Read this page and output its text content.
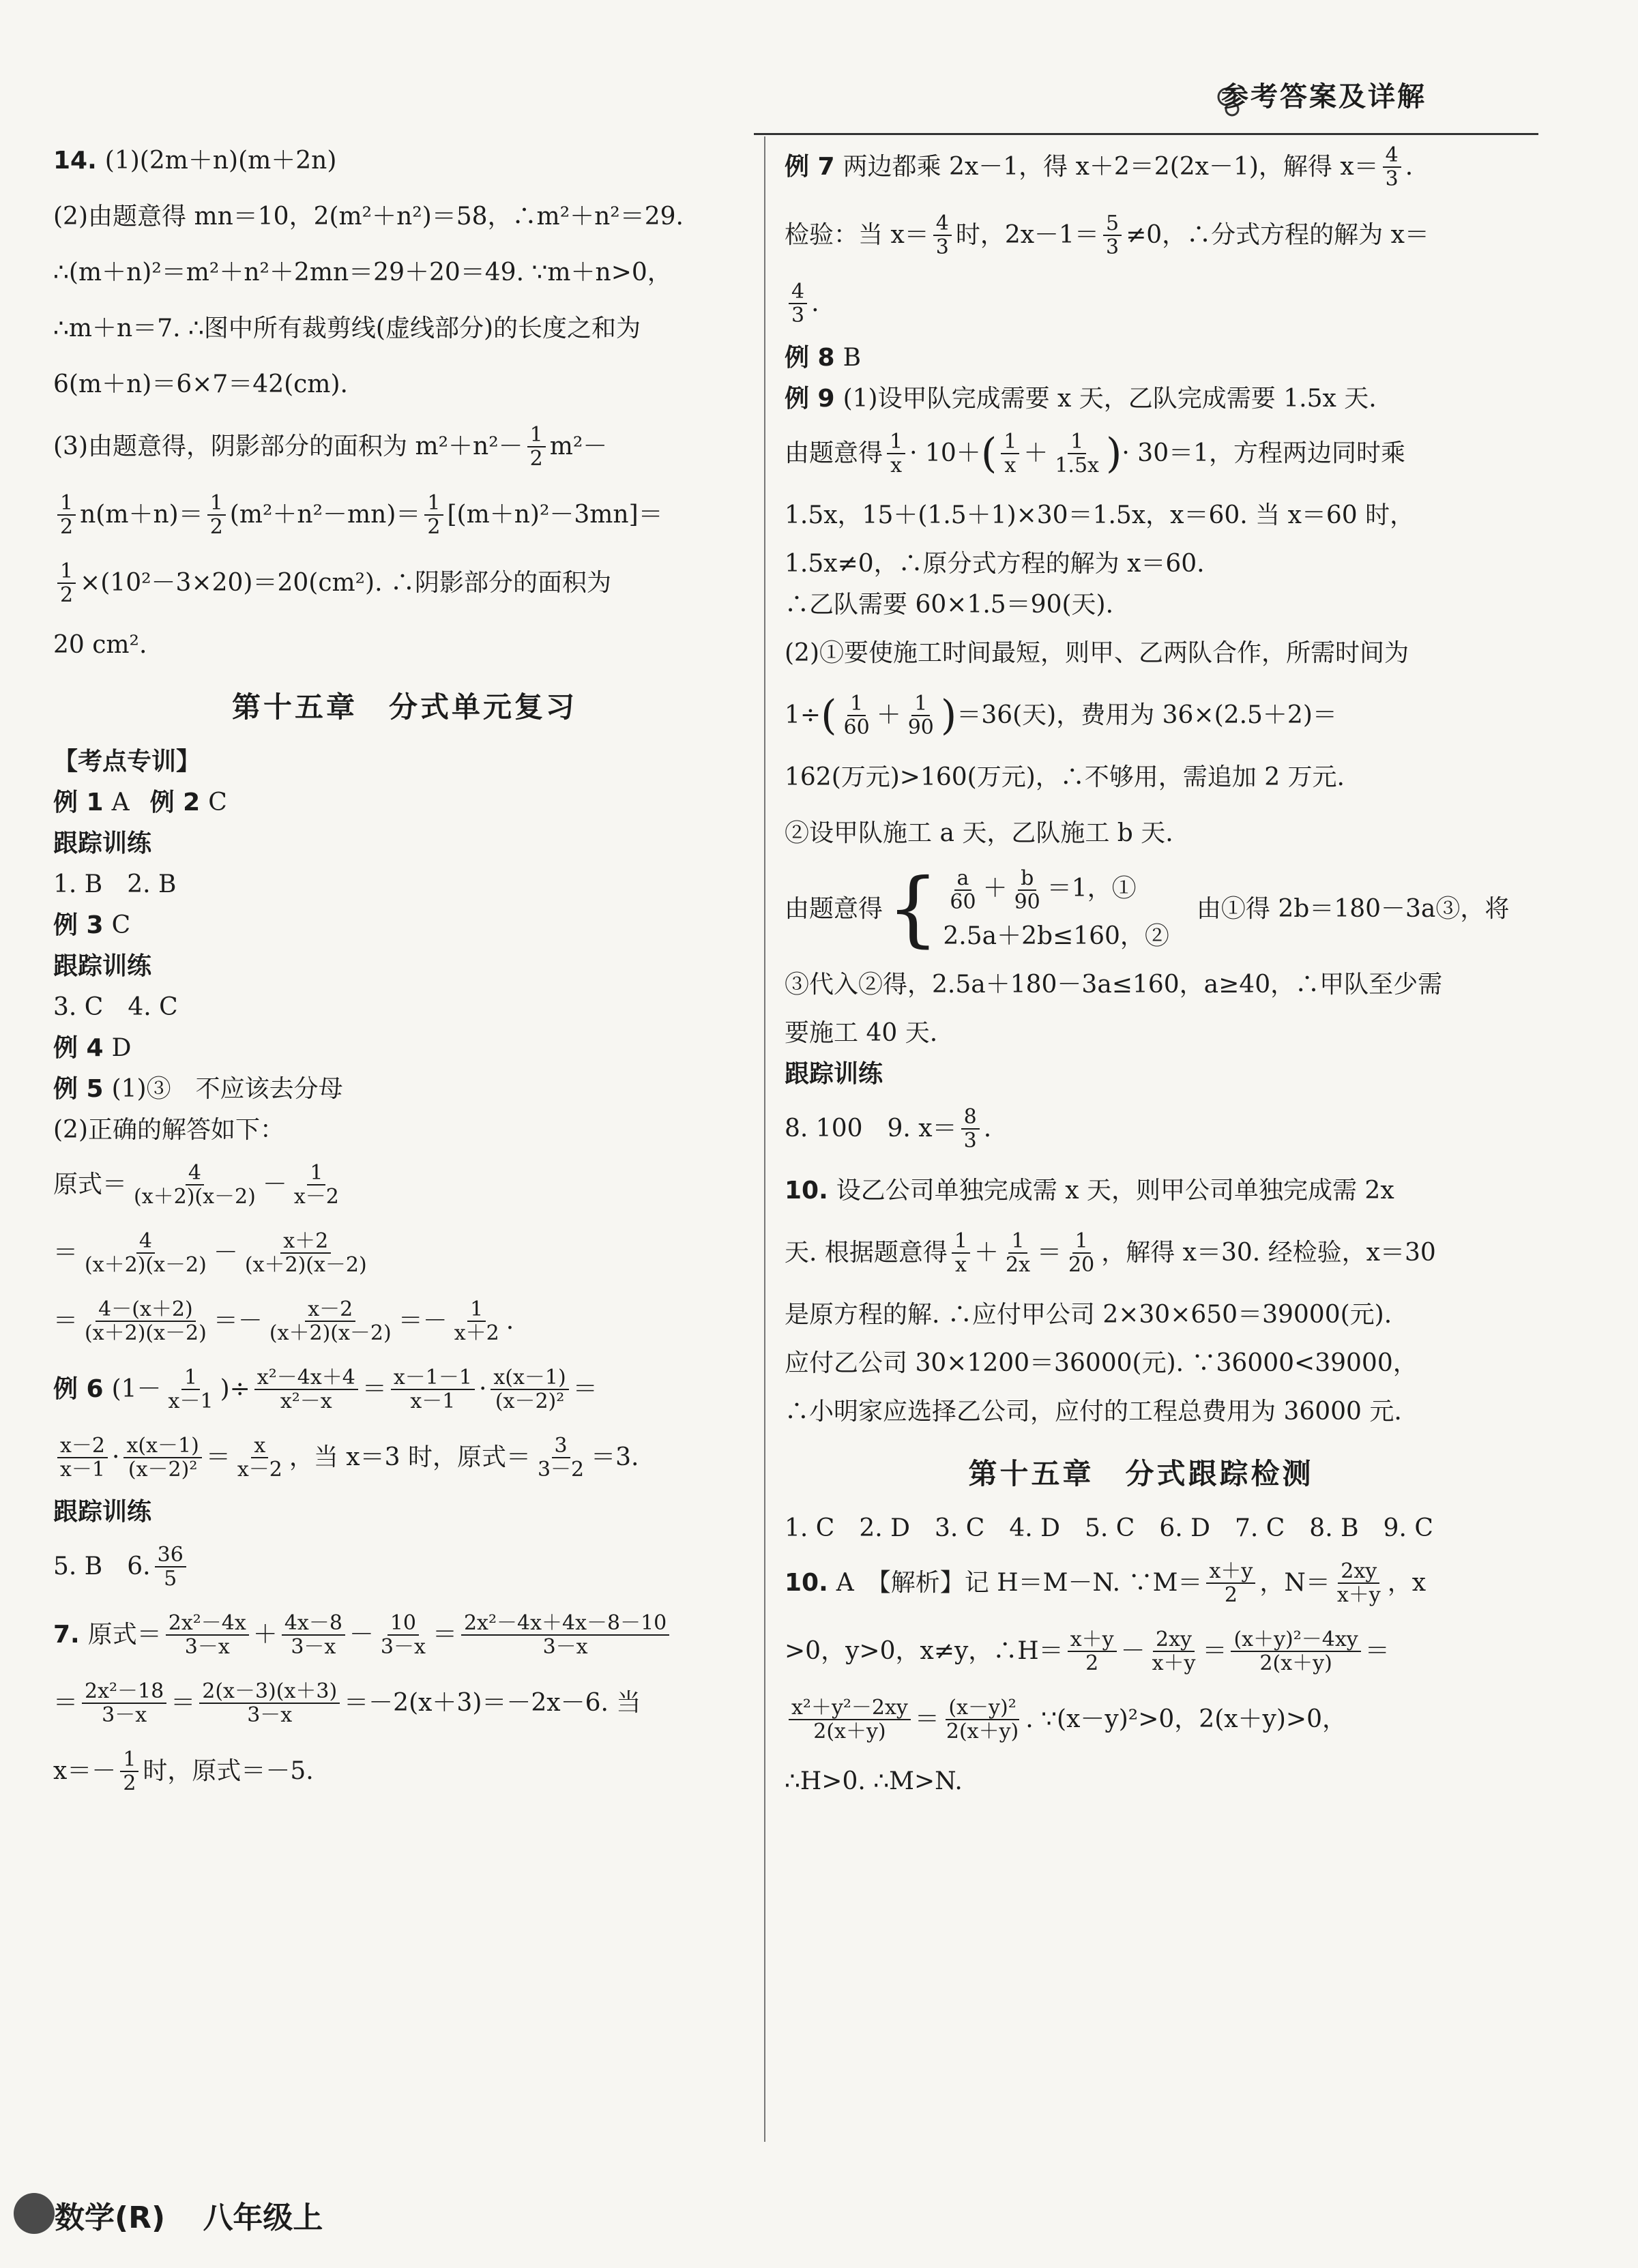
参考答案及详解
14. (1)(2m＋n)(m＋2n)
(2)由题意得 mn＝10，2(m²＋n²)＝58，∴m²＋n²＝29.
∴(m＋n)²＝m²＋n²＋2mn＝29＋20＝49. ∵m＋n>0，
∴m＋n＝7. ∴图中所有裁剪线(虚线部分)的长度之和为
6(m＋n)＝6×7＝42(cm).
(3)由题意得，阴影部分的面积为 $m^2+n^2- \frac{1}{2} m^2-$
$\frac{1}{2} n(m+n)= \frac{1}{2} (m^2+n^2-mn)= \frac{1}{2} [(m+n)^2-3mn]=$
$\frac{1}{2} \times(10^2-3\times 20)=20(cm^2)$. ∴阴影部分的面积为
20 cm².
第十五章　分式单元复习
【考点专训】
例 1 A 例 2 C
跟踪训练
1. B　2. B
例 3 C
跟踪训练
3. C　4. C
例 4 D
例 5 (1)③　不应该去分母
(2)正确的解答如下：
原式＝ $\frac{4}{(x+2)(x-2)} - \frac{1}{x-2}$
＝ $\frac{4}{(x+2)(x-2)} - \frac{x+2}{(x+2)(x-2)}$
＝ $\frac{4-(x+2)}{(x+2)(x-2)} =- \frac{x-2}{(x+2)(x-2)} =- \frac{1}{x+2}$ .
例 6 ($1- \frac{1}{x-1}$ )÷ $\frac{\text{x²－4x＋4}}{\text{x²－x}} = \frac{x-1-1}{x-1} \cdot \frac{x(x-1)}{\text{(x－2)²}}$ ＝
$\frac{x-2}{x-1} \cdot \frac{x(x-1)}{\text{(x－2)²}} = \frac{x}{x-2}$ ，当 x＝3 时，原式＝ $\frac{3}{3-2} =3$.
跟踪训练
5. B　6. $\frac{36}{5}$
7. 原式＝ $\frac{\text{2x²－4x}}{3-x} + \frac{4x-8}{3-x} - \frac{10}{3-x} = \frac{\text{2x²－4x＋4x－8－10}}{3-x}$
＝ $\frac{\text{2x²－18}}{3-x} = \frac{2(x-3)(x+3)}{3-x} =-2(x+3)=-2x-6$. 当
$x=- \frac{1}{2}$ 时，原式＝－5.
例 7 两边都乘 2x－1，得 x＋2＝2(2x－1)，解得 $x= \frac{4}{3}$ .
检验：当 $x= \frac{4}{3}$ 时，$2x-1= \frac{5}{3} \ne 0$，∴分式方程的解为 x＝
$\frac{4}{3}$ .
例 8 B
例 9 (1)设甲队完成需要 x 天，乙队完成需要 1.5x 天.
由题意得 $\frac{1}{x} \cdot 10+$ ( $\frac{1}{x} + \frac{1}{1.5x}$ ) · 30＝1，方程两边同时乘
1.5x，15＋(1.5＋1)×30＝1.5x，x＝60. 当 x＝60 时，
1.5x≠0，∴原分式方程的解为 x＝60.
∴乙队需要 60×1.5＝90(天).
(2)①要使施工时间最短，则甲、乙两队合作，所需时间为
1÷ ( $\frac{1}{60} + \frac{1}{90}$ ) ＝36(天)，费用为 36×(2.5＋2)＝
162(万元)>160(万元)，∴不够用，需追加 2 万元.
②设甲队施工 a 天，乙队施工 b 天.
由题意得 { $\frac{a}{60} + \frac{b}{90} =1$，①
2.5a＋2b≤160，②
由①得 2b＝180－3a③，将
③代入②得，2.5a＋180－3a≤160，a≥40，∴甲队至少需
要施工 40 天.
跟踪训练
8. 100　9. $x= \frac{8}{3}$ .
10. 设乙公司单独完成需 x 天，则甲公司单独完成需 2x
天. 根据题意得 $\frac{1}{x} + \frac{1}{2x} = \frac{1}{20}$ ，解得 x＝30. 经检验，x＝30
是原方程的解. ∴应付甲公司 2×30×650＝39000(元).
应付乙公司 30×1200＝36000(元). ∵36000<39000，
∴小明家应选择乙公司，应付的工程总费用为 36000 元.
第十五章　分式跟踪检测
1. C　2. D　3. C　4. D　5. C　6. D　7. C　8. B　9. C
10. A　【解析】记 H＝M－N. ∵M＝ $\frac{x+y}{2}$ ，$N= \frac{2xy}{x+y}$ ，x
>0，y>0，x≠y，∴H＝ $\frac{x+y}{2} - \frac{2xy}{x+y} = \frac{\text{(x＋y)²－4xy}}{2(x+y)}$ ＝
$\frac{\text{x²＋y²－2xy}}{2(x+y)} = \frac{\text{(x－y)²}}{2(x+y)}$ . ∵(x－y)²>0，2(x＋y)>0，
∴H>0. ∴M>N.
数学(R) 八年级上
